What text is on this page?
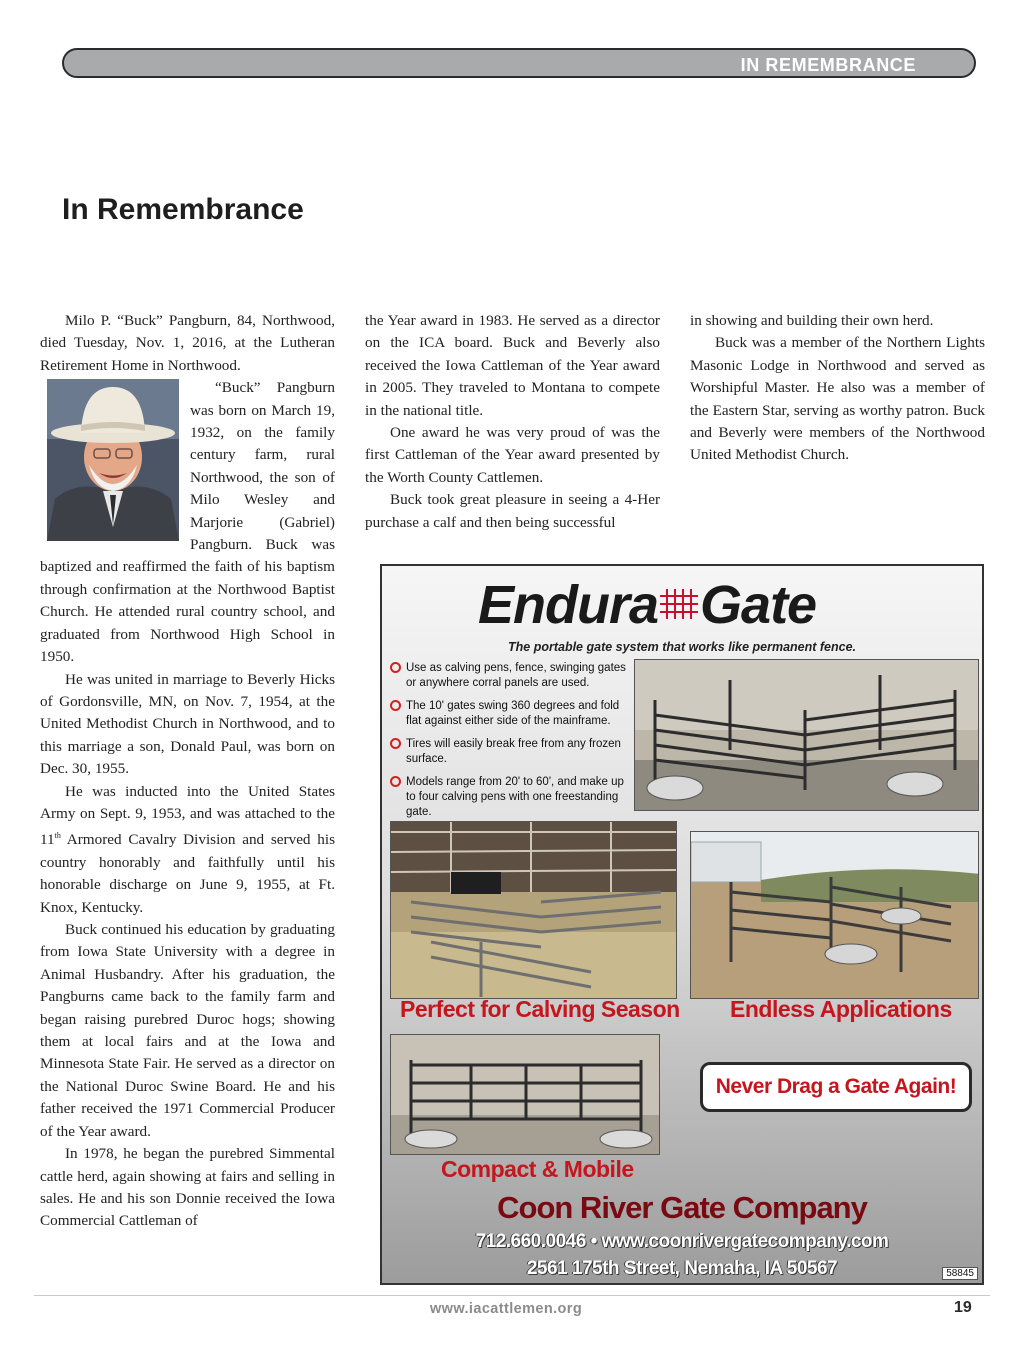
IN REMEMBRANCE
In Remembrance

Milo P. “Buck” Pangburn, 84, Northwood, died Tuesday, Nov. 1, 2016, at the Lutheran Retirement Home in Northwood.

“Buck” Pangburn was born on March 19, 1932, on the family century farm, rural Northwood, the son of Milo Wesley and Marjorie (Gabriel) Pangburn. Buck was baptized and reaffirmed the faith of his baptism through confirmation at the Northwood Baptist Church. He attended rural country school, and graduated from Northwood High School in 1950.

He was united in marriage to Beverly Hicks of Gordonsville, MN, on Nov. 7, 1954, at the United Methodist Church in Northwood, and to this marriage a son, Donald Paul, was born on Dec. 30, 1955.

He was inducted into the United States Army on Sept. 9, 1953, and was attached to the 11th Armored Cavalry Division and served his country honorably and faithfully until his honorable discharge on June 9, 1955, at Ft. Knox, Kentucky.

Buck continued his education by graduating from Iowa State University with a degree in Animal Husbandry. After his graduation, the Pangburns came back to the family farm and began raising purebred Duroc hogs; showing them at local fairs and at the Iowa and Minnesota State Fair. He served as a director on the National Duroc Swine Board. He and his father received the 1971 Commercial Producer of the Year award.

In 1978, he began the purebred Simmental cattle herd, again showing at fairs and selling in sales. He and his son Donnie received the Iowa Commercial Cattleman of

the Year award in 1983. He served as a director on the ICA board. Buck and Beverly also received the Iowa Cattleman of the Year award in 2005. They traveled to Montana to compete in the national title.

One award he was very proud of was the first Cattleman of the Year award presented by the Worth County Cattlemen.

Buck took great pleasure in seeing a 4-Her purchase a calf and then being successful

in showing and building their own herd.

Buck was a member of the Northern Lights Masonic Lodge in Northwood and served as Worshipful Master. He also was a member of the Eastern Star, serving as worthy patron. Buck and Beverly were members of the Northwood United Methodist Church.

Endura Gate
The portable gate system that works like permanent fence.
Use as calving pens, fence, swinging gates or anywhere corral panels are used.
The 10' gates swing 360 degrees and fold flat against either side of the mainframe.
Tires will easily break free from any frozen surface.
Models range from 20' to 60', and make up to four calving pens with one freestanding gate.
Perfect for Calving Season Endless Applications
Never Drag a Gate Again!
Compact & Mobile
Coon River Gate Company
712.660.0046 • www.coonrivergatecompany.com
2561 175th Street, Nemaha, IA 50567	58845
www.iacattlemen.org	19
